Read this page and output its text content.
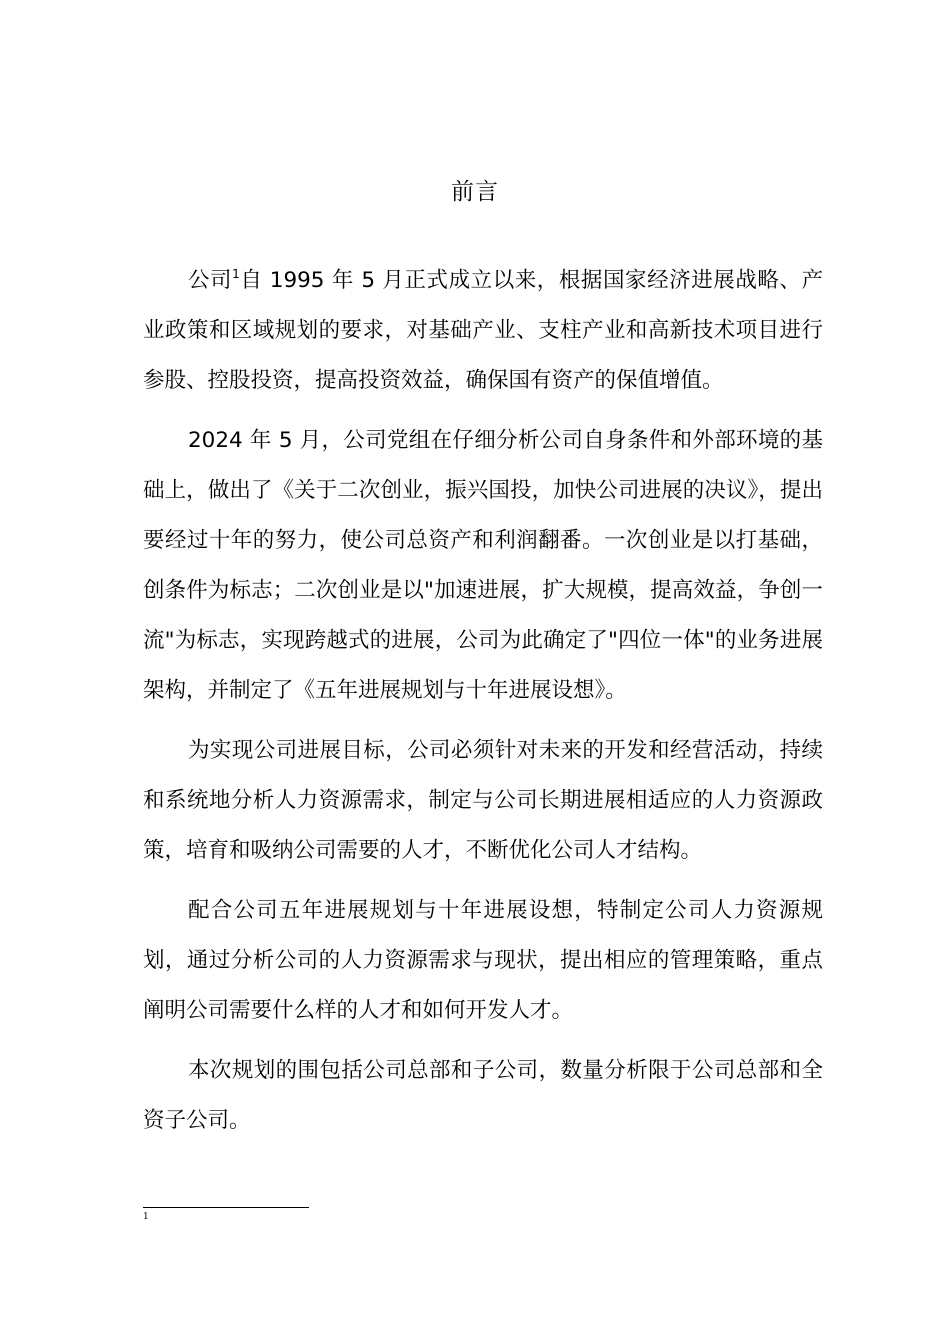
前言

公司$^1$自 1995 年 5 月正式成立以来，根据国家经济进展战略、产业政策和区域规划的要求，对基础产业、支柱产业和高新技术项目进行参股、控股投资，提高投资效益，确保国有资产的保值增值。

2024 年 5 月，公司党组在仔细分析公司自身条件和外部环境的基础上，做出了《关于二次创业，振兴国投，加快公司进展的决议》，提出要经过十年的努力，使公司总资产和利润翻番。一次创业是以打基础，创条件为标志；二次创业是以"加速进展，扩大规模，提高效益，争创一流"为标志，实现跨越式的进展，公司为此确定了"四位一体"的业务进展架构，并制定了《五年进展规划与十年进展设想》。

为实现公司进展目标，公司必须针对未来的开发和经营活动，持续和系统地分析人力资源需求，制定与公司长期进展相适应的人力资源政策，培育和吸纳公司需要的人才，不断优化公司人才结构。

配合公司五年进展规划与十年进展设想，特制定公司人力资源规划，通过分析公司的人力资源需求与现状，提出相应的管理策略，重点阐明公司需要什么样的人才和如何开发人才。

本次规划的围包括公司总部和子公司，数量分析限于公司总部和全资子公司。

1
